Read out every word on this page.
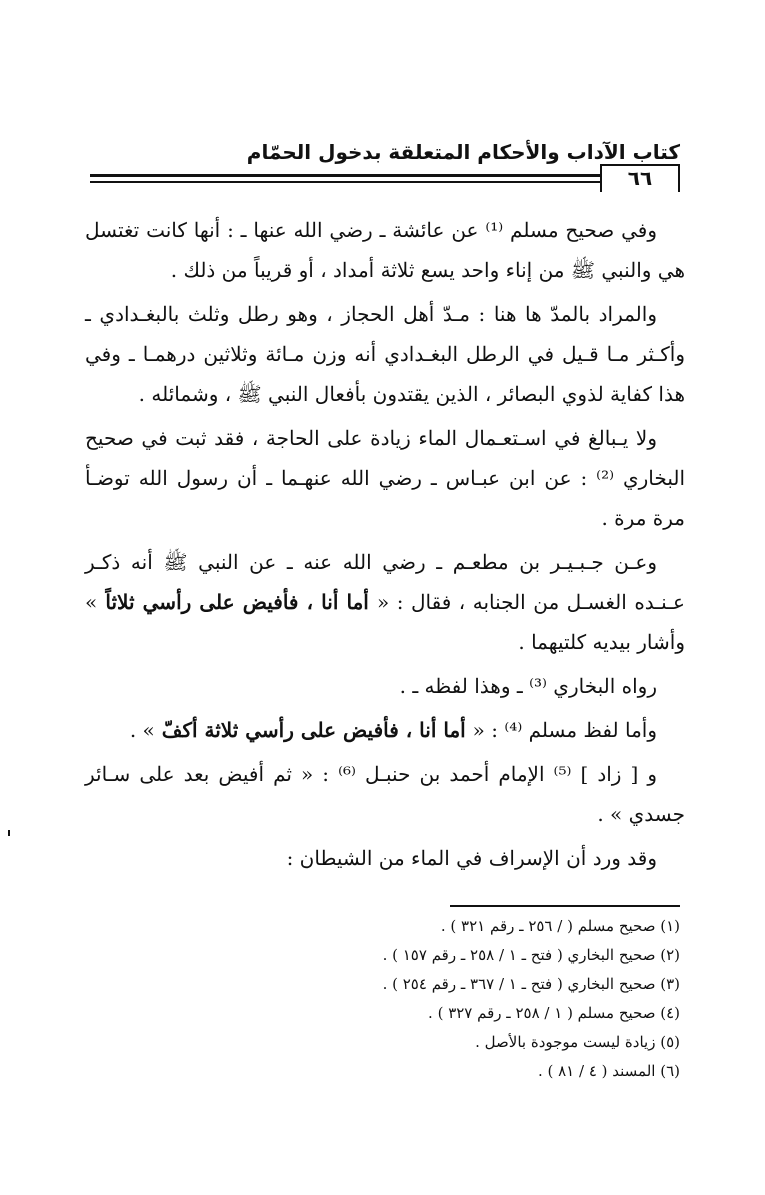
كتاب الآداب والأحكام المتعلقة بدخول الحمّام
٦٦

وفي صحيح مسلم ⁽¹⁾ عن عائشة ـ رضي الله عنها ـ : أنها كانت تغتسل هي والنبي ﷺ من إناء واحد يسع ثلاثة أمداد ، أو قريباً من ذلك .

والمراد بالمدّ ها هنا : مـدّ أهل الحجاز ، وهو رطل وثلث بالبغـدادي ـ وأكـثر مـا قـيل في الرطل البغـدادي أنه وزن مـائة وثلاثين درهمـا ـ وفي هذا كفاية لذوي البصائر ، الذين يقتدون بأفعال النبي ﷺ ، وشمائله .

ولا يـبالغ في اسـتعـمال الماء زيادة على الحاجة ، فقد ثبت في صحيح البخاري ⁽²⁾ : عن ابن عبـاس ـ رضي الله عنهـما ـ أن رسول الله توضـأ مرة مرة .

وعـن جـبـيـر بن مطعـم ـ رضي الله عنه ـ عن النبي ﷺ أنه ذكـر عـنـده الغسـل من الجنابه ، فقال : « أما أنا ، فأفيض على رأسي ثلاثاً » وأشار بيديه كلتيهما .

رواه البخاري ⁽³⁾ ـ وهذا لفظه ـ .

وأما لفظ مسلم ⁽⁴⁾ : « أما أنا ، فأفيض على رأسي ثلاثة أكفّ » .

و [ زاد ] ⁽⁵⁾ الإمام أحمد بن حنبـل ⁽⁶⁾ : « ثم أفيض بعد على سـائر جسدي » .

وقد ورد أن الإسراف في الماء من الشيطان :

(١) صحيح مسلم ( / ٢٥٦ ـ رقم ٣٢١ ) .
(٢) صحيح البخاري ( فتح ـ ١ / ٢٥٨ ـ رقم ١٥٧ ) .
(٣) صحيح البخاري ( فتح ـ ١ / ٣٦٧ ـ رقم ٢٥٤ ) .
(٤) صحيح مسلم ( ١ / ٢٥٨ ـ رقم ٣٢٧ ) .
(٥) زيادة ليست موجودة بالأصل .
(٦) المسند ( ٤ / ٨١ ) .
